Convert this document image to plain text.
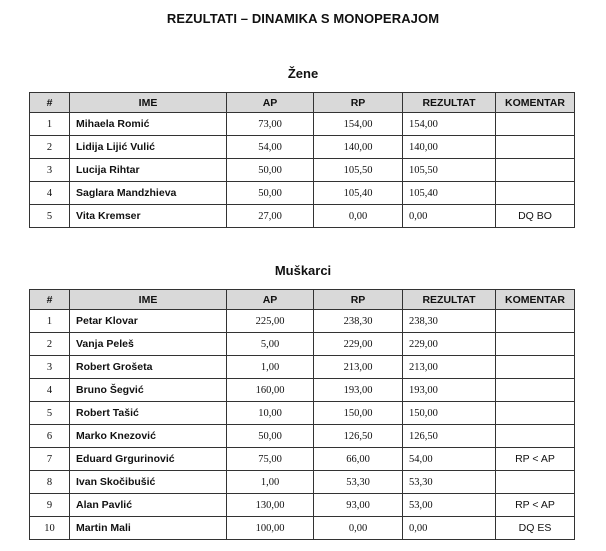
REZULTATI – DINAMIKA S MONOPERAJOM
Žene
#	IME	AP	RP	REZULTAT	KOMENTAR
1	Mihaela Romić	73,00	154,00	154,00	
2	Lidija Lijić Vulić	54,00	140,00	140,00	
3	Lucija Rihtar	50,00	105,50	105,50	
4	Saglara Mandzhieva	50,00	105,40	105,40	
5	Vita Kremser	27,00	0,00	0,00	DQ BO
Muškarci
#	IME	AP	RP	REZULTAT	KOMENTAR
1	Petar Klovar	225,00	238,30	238,30	
2	Vanja Peleš	5,00	229,00	229,00	
3	Robert Grošeta	1,00	213,00	213,00	
4	Bruno Šegvić	160,00	193,00	193,00	
5	Robert Tašić	10,00	150,00	150,00	
6	Marko Knezović	50,00	126,50	126,50	
7	Eduard Grgurinović	75,00	66,00	54,00	RP < AP
8	Ivan Skočibušić	1,00	53,30	53,30	
9	Alan Pavlić	130,00	93,00	53,00	RP < AP
10	Martin Mali	100,00	0,00	0,00	DQ ES
